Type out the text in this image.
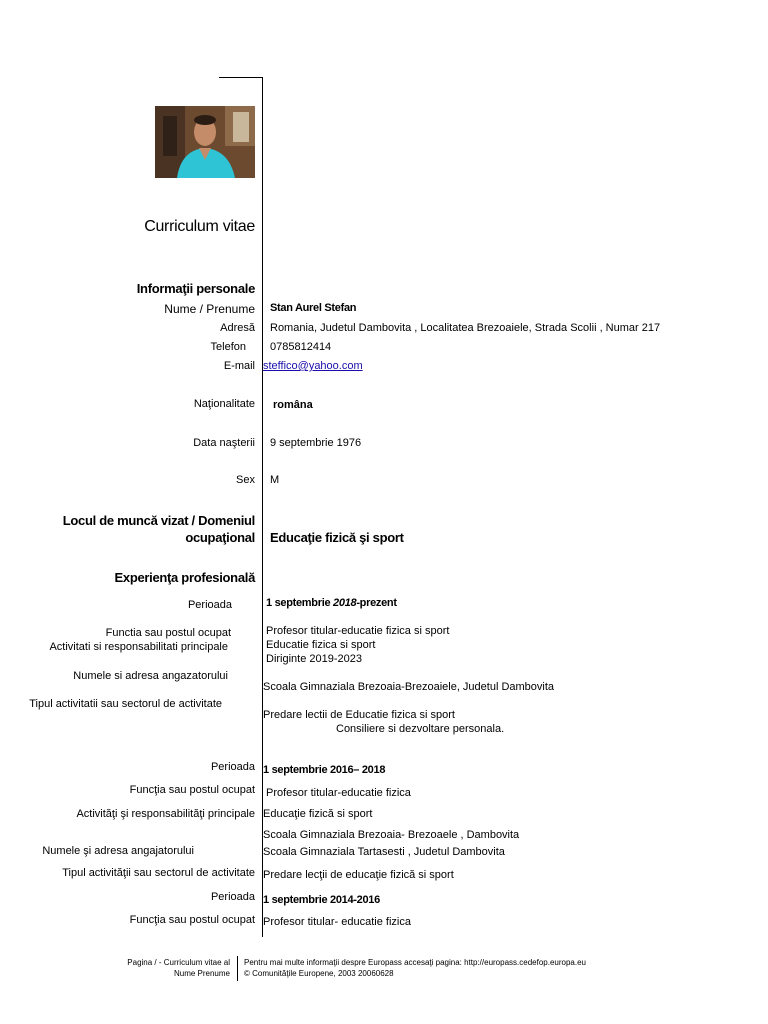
Curriculum vitae
Informaţii personale
Nume / Prenume Stan Aurel Stefan
Adresă Romania, Judetul Dambovita , Localitatea Brezoaiele, Strada Scolii , Numar 217
Telefon 0785812414
E-mail steffico@yahoo.com
Naţionalitate româna
Data naşterii 9 septembrie 1976
Sex M
Locul de muncă vizat / Domeniul
ocupaţional Educaţie fizică şi sport
Experienţa profesională
Perioada	1 septembrie 2018-prezent
Functia sau postul ocupat
Activitati si responsabilitati principale
Profesor titular-educatie fizica si sport
Educatie fizica si sport
Diriginte 2019-2023
Numele si adresa angazatorului
Scoala Gimnaziala Brezoaia-Brezoaiele, Judetul Dambovita
Tipul activitatii sau sectorul de activitate
Predare lectii de Educatie fizica si sport
Consiliere si dezvoltare personala.
Perioada 1 septembrie 2016– 2018
Funcţia sau postul ocupat Profesor titular-educatie fizica
Activităţi şi responsabilităţi principale Educaţie fizică si sport
Scoala Gimnaziala Brezoaia- Brezoaele , Dambovita
Numele şi adresa angajatorului	Scoala Gimnaziala Tartasesti , Judetul Dambovita
Tipul activităţii sau sectorul de activitate Predare lecţii de educaţie fizică si sport
Perioada 1 septembrie 2014-2016
Funcţia sau postul ocupat Profesor titular- educatie fizica
Pagina / - Curriculum vitae al
Nume Prenume
Pentru mai multe informaţii despre Europass accesaţi pagina: http://europass.cedefop.europa.eu
© Comunităţile Europene, 2003 20060628
